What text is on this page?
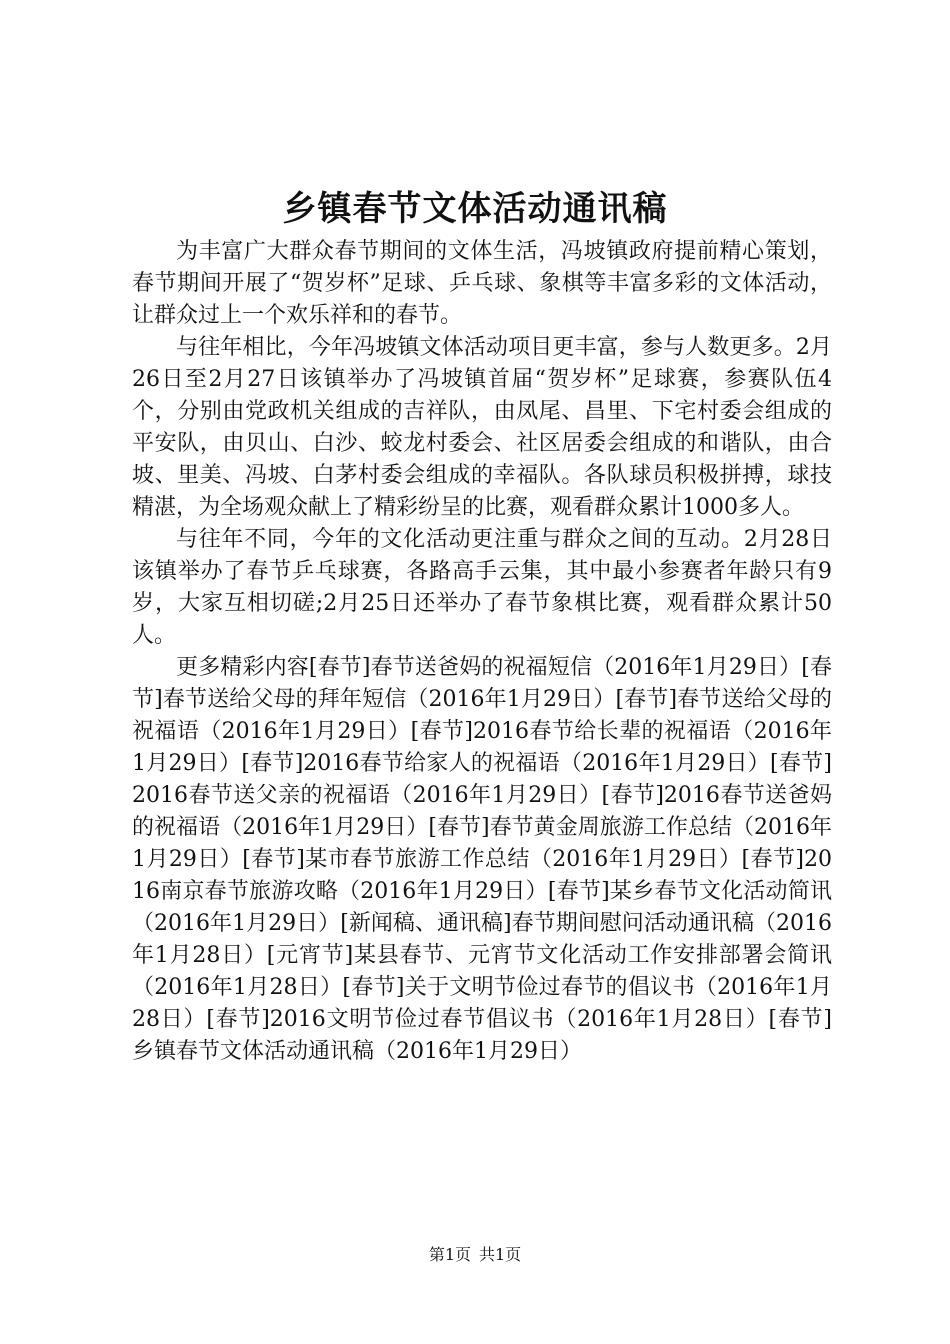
乡镇春节文体活动通讯稿

为丰富广大群众春节期间的文体生活，冯坡镇政府提前精心策划，春节期间开展了“贺岁杯”足球、乒乓球、象棋等丰富多彩的文体活动，让群众过上一个欢乐祥和的春节。

与往年相比，今年冯坡镇文体活动项目更丰富，参与人数更多。2月26日至2月27日该镇举办了冯坡镇首届“贺岁杯”足球赛，参赛队伍4个，分别由党政机关组成的吉祥队，由凤尾、昌里、下宅村委会组成的平安队，由贝山、白沙、蛟龙村委会、社区居委会组成的和谐队，由合坡、里美、冯坡、白茅村委会组成的幸福队。各队球员积极拼搏，球技精湛，为全场观众献上了精彩纷呈的比赛，观看群众累计1000多人。

与往年不同，今年的文化活动更注重与群众之间的互动。2月28日该镇举办了春节乒乓球赛，各路高手云集，其中最小参赛者年龄只有9岁，大家互相切磋;2月25日还举办了春节象棋比赛，观看群众累计50人。

更多精彩内容[春节]春节送爸妈的祝福短信（2016年1月29日）[春节]春节送给父母的拜年短信（2016年1月29日）[春节]春节送给父母的祝福语（2016年1月29日）[春节]2016春节给长辈的祝福语（2016年1月29日）[春节]2016春节给家人的祝福语（2016年1月29日）[春节]2016春节送父亲的祝福语（2016年1月29日）[春节]2016春节送爸妈的祝福语（2016年1月29日）[春节]春节黄金周旅游工作总结（2016年1月29日）[春节]某市春节旅游工作总结（2016年1月29日）[春节]2016南京春节旅游攻略（2016年1月29日）[春节]某乡春节文化活动简讯（2016年1月29日）[新闻稿、通讯稿]春节期间慰问活动通讯稿（2016年1月28日）[元宵节]某县春节、元宵节文化活动工作安排部署会简讯（2016年1月28日）[春节]关于文明节俭过春节的倡议书（2016年1月28日）[春节]2016文明节俭过春节倡议书（2016年1月28日）[春节]乡镇春节文体活动通讯稿（2016年1月29日）

第1页 共1页
